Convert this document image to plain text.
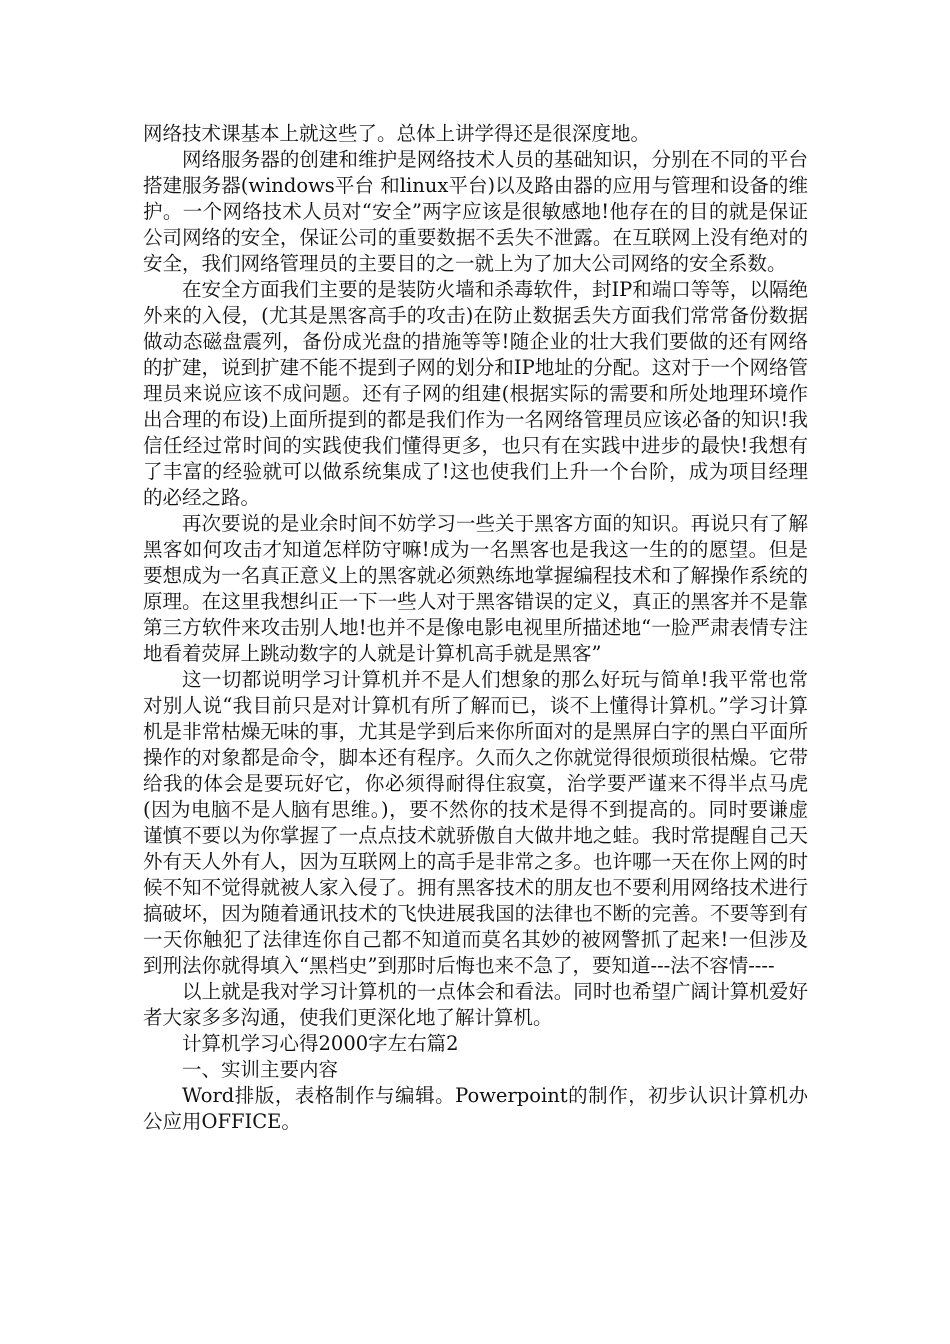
网络技术课基本上就这些了。总体上讲学得还是很深度地。

网络服务器的创建和维护是网络技术人员的基础知识，分别在不同的平台搭建服务器(windows平台 和linux平台)以及路由器的应用与管理和设备的维护。一个网络技术人员对“安全”两字应该是很敏感地!他存在的目的就是保证公司网络的安全，保证公司的重要数据不丢失不泄露。在互联网上没有绝对的安全，我们网络管理员的主要目的之一就上为了加大公司网络的安全系数。

在安全方面我们主要的是装防火墙和杀毒软件，封IP和端口等等，以隔绝外来的入侵，(尤其是黑客高手的攻击)在防止数据丢失方面我们常常备份数据做动态磁盘震列，备份成光盘的措施等等!随企业的壮大我们要做的还有网络的扩建，说到扩建不能不提到子网的划分和IP地址的分配。这对于一个网络管理员来说应该不成问题。还有子网的组建(根据实际的需要和所处地理环境作出合理的布设)上面所提到的都是我们作为一名网络管理员应该必备的知识!我信任经过常时间的实践使我们懂得更多，也只有在实践中进步的最快!我想有了丰富的经验就可以做系统集成了!这也使我们上升一个台阶，成为项目经理的必经之路。

再次要说的是业余时间不妨学习一些关于黑客方面的知识。再说只有了解黑客如何攻击才知道怎样防守嘛!成为一名黑客也是我这一生的的愿望。但是要想成为一名真正意义上的黑客就必须熟练地掌握编程技术和了解操作系统的原理。在这里我想纠正一下一些人对于黑客错误的定义，真正的黑客并不是靠第三方软件来攻击别人地!也并不是像电影电视里所描述地“一脸严肃表情专注地看着荧屏上跳动数字的人就是计算机高手就是黑客”

这一切都说明学习计算机并不是人们想象的那么好玩与简单!我平常也常对别人说“我目前只是对计算机有所了解而已，谈不上懂得计算机。”学习计算机是非常枯燥无味的事，尤其是学到后来你所面对的是黑屏白字的黑白平面所操作的对象都是命令，脚本还有程序。久而久之你就觉得很烦琐很枯燥。它带给我的体会是要玩好它，你必须得耐得住寂寞，治学要严谨来不得半点马虎(因为电脑不是人脑有思维。)，要不然你的技术是得不到提高的。同时要谦虚谨慎不要以为你掌握了一点点技术就骄傲自大做井地之蛙。我时常提醒自己天外有天人外有人，因为互联网上的高手是非常之多。也许哪一天在你上网的时候不知不觉得就被人家入侵了。拥有黑客技术的朋友也不要利用网络技术进行搞破坏，因为随着通讯技术的飞快进展我国的法律也不断的完善。不要等到有一天你触犯了法律连你自己都不知道而莫名其妙的被网警抓了起来!一但涉及到刑法你就得填入“黑档史”到那时后悔也来不急了，要知道---法不容情----

以上就是我对学习计算机的一点体会和看法。同时也希望广阔计算机爱好者大家多多沟通，使我们更深化地了解计算机。

计算机学习心得2000字左右篇2

一、实训主要内容

Word排版，表格制作与编辑。Powerpoint的制作，初步认识计算机办公应用OFFICE。
